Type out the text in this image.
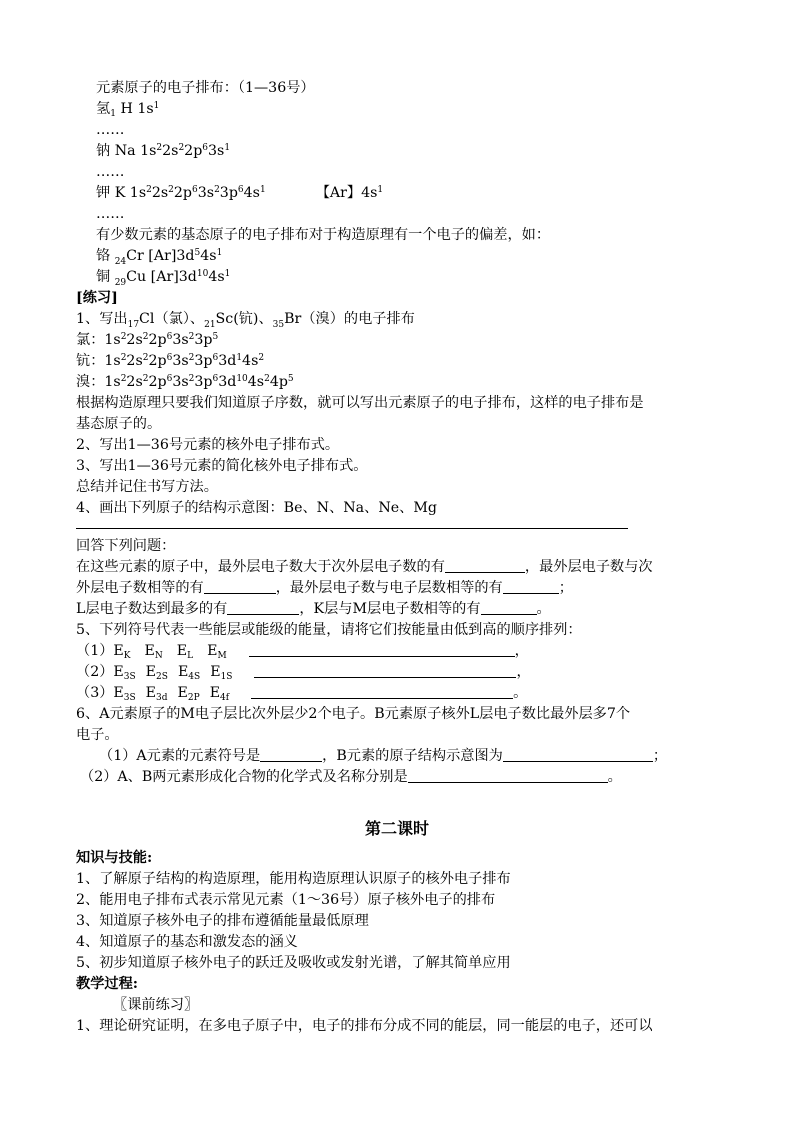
元素原子的电子排布：（1—36号）
氢$_1$ H $1s^1$
……
钠 Na $1s^22s^22p^63s^1$
……
钾 K $1s^22s^22p^63s^23p^64s^1$	【Ar】$4s^1$
……
有少数元素的基态原子的电子排布对于构造原理有一个电子的偏差，如：
铬 $_{24}$Cr $[Ar]3d^54s^1$
铜 $_{29}$Cu $[Ar]3d^{10}4s^1$
[练习]
1、写出$_{17}$Cl（氯）、$_{21}$Sc(钪)、$_{35}$Br（溴）的电子排布
氯：$1s^22s^22p^63s^23p^5$
钪：$1s^22s^22p^63s^23p^63d^14s^2$
溴：$1s^22s^22p^63s^23p^63d^{10}4s^24p^5$
根据构造原理只要我们知道原子序数，就可以写出元素原子的电子排布，这样的电子排布是
基态原子的。
2、写出1—36号元素的核外电子排布式。
3、写出1—36号元素的简化核外电子排布式。
总结并记住书写方法。
4、画出下列原子的结构示意图：Be、N、Na、Ne、Mg
回答下列问题：
在这些元素的原子中，最外层电子数大于次外层电子数的有	，最外层电子数与次
外层电子数相等的有	，最外层电子数与电子层数相等的有	；
L层电子数达到最多的有	，K层与M层电子数相等的有	。
5、下列符号代表一些能层或能级的能量，请将它们按能量由低到高的顺序排列：
$(1)E_K$ $E_N$ $E_L$ $E_M$	，
$(2)E_{3S}$ $E_{2S}$ $E_{4S}$ $E_{1S}$	，
$(3)E_{3S}$ $E_{3d}$ $E_{2P}$ $E_{4f}$	。
6、A元素原子的M电子层比次外层少2个电子。B元素原子核外L层电子数比最外层多7个
电子。
（1）A元素的元素符号是	，B元素的原子结构示意图为	；
（2）A、B两元素形成化合物的化学式及名称分别是	。
第二课时
知识与技能:
1、了解原子结构的构造原理，能用构造原理认识原子的核外电子排布
2、能用电子排布式表示常见元素（1～36号）原子核外电子的排布
3、知道原子核外电子的排布遵循能量最低原理
4、知道原子的基态和激发态的涵义
5、初步知道原子核外电子的跃迁及吸收或发射光谱，了解其简单应用
教学过程:
〖课前练习〗
1、理论研究证明，在多电子原子中，电子的排布分成不同的能层，同一能层的电子，还可以
